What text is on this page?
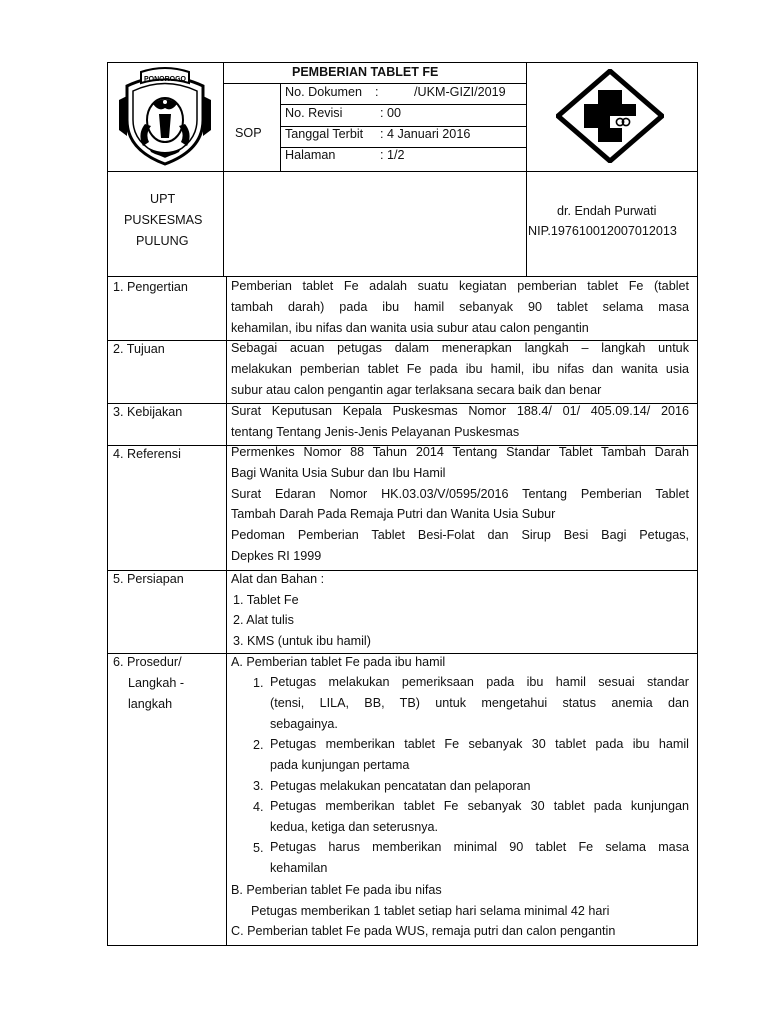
PONOROGO
PEMBERIAN TABLET FE
SOP
No. Dokumen :	/UKM-GIZI/2019
No. Revisi	: 00
Tanggal Terbit : 4 Januari 2016
Halaman	: 1/2
UPT
PUSKESMAS
PULUNG
dr. Endah Purwati
NIP.197610012007012013
1. Pengertian	Pemberian tablet Fe adalah suatu kegiatan pemberian tablet Fe (tablet
tambah darah) pada ibu hamil sebanyak 90 tablet selama masa
kehamilan, ibu nifas dan wanita usia subur atau calon pengantin
2. Tujuan	Sebagai acuan petugas dalam menerapkan langkah – langkah untuk
melakukan pemberian tablet Fe pada ibu hamil, ibu nifas dan wanita usia
subur atau calon pengantin agar terlaksana secara baik dan benar
3. Kebijakan	Surat Keputusan Kepala Puskesmas Nomor 188.4/ 01/ 405.09.14/ 2016
tentang Tentang Jenis-Jenis Pelayanan Puskesmas
4. Referensi	Permenkes Nomor 88 Tahun 2014 Tentang Standar Tablet Tambah Darah
Bagi Wanita Usia Subur dan Ibu Hamil
Surat Edaran Nomor HK.03.03/V/0595/2016 Tentang Pemberian Tablet
Tambah Darah Pada Remaja Putri dan Wanita Usia Subur
Pedoman Pemberian Tablet Besi-Folat dan Sirup Besi Bagi Petugas,
Depkes RI 1999
5. Persiapan	Alat dan Bahan :
1. Tablet Fe
2. Alat tulis
3. KMS (untuk ibu hamil)
6. Prosedur/
Langkah -
langkah
A. Pemberian tablet Fe pada ibu hamil
1. Petugas melakukan pemeriksaan pada ibu hamil sesuai standar
(tensi, LILA, BB, TB) untuk mengetahui status anemia dan
sebagainya.
2. Petugas memberikan tablet Fe sebanyak 30 tablet pada ibu hamil
pada kunjungan pertama
3. Petugas melakukan pencatatan dan pelaporan
4. Petugas memberikan tablet Fe sebanyak 30 tablet pada kunjungan
kedua, ketiga dan seterusnya.
5. Petugas harus memberikan minimal 90 tablet Fe selama masa
kehamilan
B. Pemberian tablet Fe pada ibu nifas
Petugas memberikan 1 tablet setiap hari selama minimal 42 hari
C. Pemberian tablet Fe pada WUS, remaja putri dan calon pengantin
